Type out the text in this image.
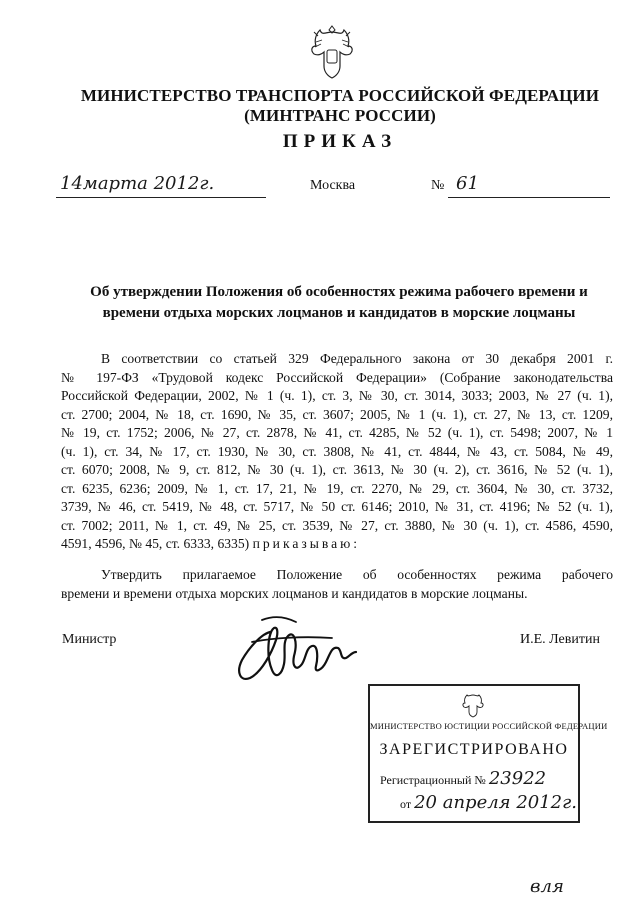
МИНИСТЕРСТВО ТРАНСПОРТА РОССИЙСКОЙ ФЕДЕРАЦИИ
(МИНТРАНС РОССИИ)
ПРИКАЗ
14марта 2012г.	Москва	№ 61
Об утверждении Положения об особенностях режима рабочего времени и
времени отдыха морских лоцманов и кандидатов в морские лоцманы
В соответствии со статьей 329 Федерального закона от 30 декабря 2001 г.
№ 197-ФЗ «Трудовой кодекс Российской Федерации» (Собрание законодательства
Российской Федерации, 2002, № 1 (ч. 1), ст. 3, № 30, ст. 3014, 3033; 2003, № 27 (ч. 1),
ст. 2700; 2004, № 18, ст. 1690, № 35, ст. 3607; 2005, № 1 (ч. 1), ст. 27, № 13, ст. 1209,
№ 19, ст. 1752; 2006, № 27, ст. 2878, № 41, ст. 4285, № 52 (ч. 1), ст. 5498; 2007, № 1
(ч. 1), ст. 34, № 17, ст. 1930, № 30, ст. 3808, № 41, ст. 4844, № 43, ст. 5084, № 49,
ст. 6070; 2008, № 9, ст. 812, № 30 (ч. 1), ст. 3613, № 30 (ч. 2), ст. 3616, № 52 (ч. 1),
ст. 6235, 6236; 2009, № 1, ст. 17, 21, № 19, ст. 2270, № 29, ст. 3604, № 30, ст. 3732,
3739, № 46, ст. 5419, № 48, ст. 5717, № 50 ст. 6146; 2010, № 31, ст. 4196; № 52 (ч. 1),
ст. 7002; 2011, № 1, ст. 49, № 25, ст. 3539, № 27, ст. 3880, № 30 (ч. 1), ст. 4586, 4590,
4591, 4596, № 45, ст. 6333, 6335) приказываю:
Утвердить прилагаемое Положение об особенностях режима рабочего
времени и времени отдыха морских лоцманов и кандидатов в морские лоцманы.
Министр	И.Е. Левитин
МИНИСТЕРСТВО ЮСТИЦИИ РОССИЙСКОЙ ФЕДЕРАЦИИ
ЗАРЕГИСТРИРОВАНО
Регистрационный № 23922
от 20 апреля 2012г.
вля
